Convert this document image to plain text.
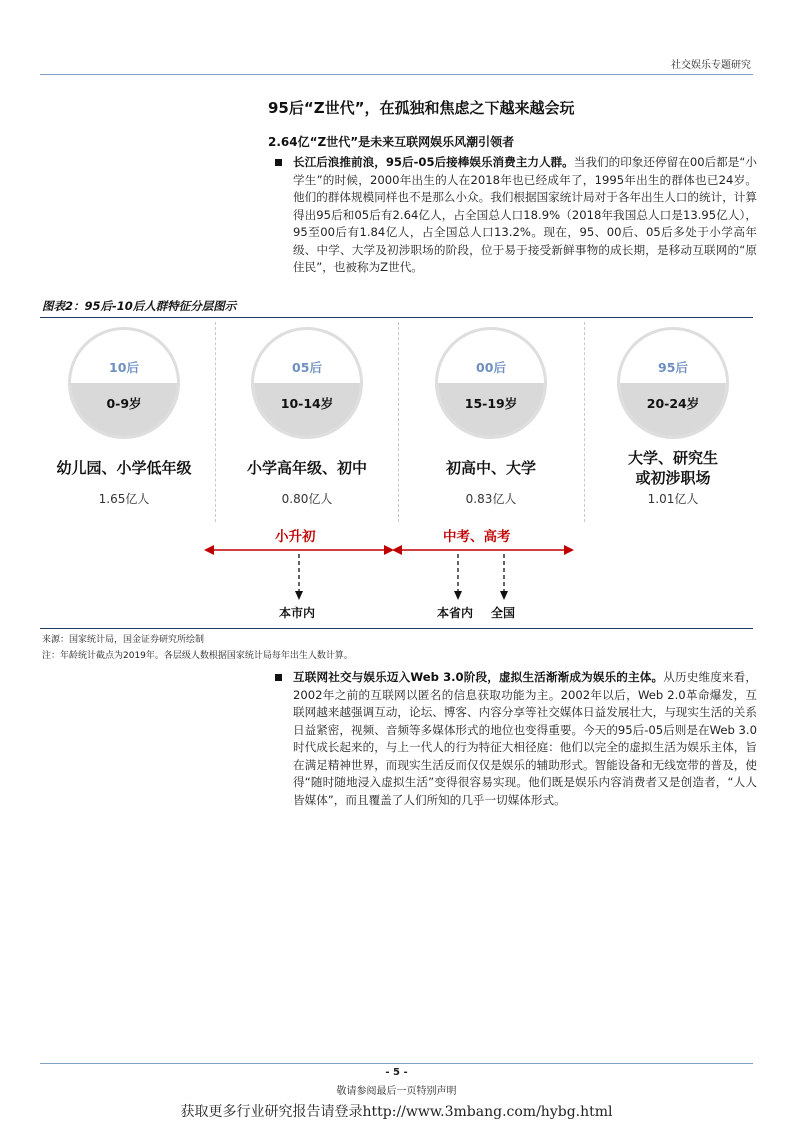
社交娱乐专题研究
95后“Z世代”，在孤独和焦虑之下越来越会玩
2.64亿“Z世代”是未来互联网娱乐风潮引领者
长江后浪推前浪，95后-05后接棒娱乐消费主力人群。当我们的印象还停留在00后都是“小学生”的时候，2000年出生的人在2018年也已经成年了，1995年出生的群体也已24岁。他们的群体规模同样也不是那么小众。我们根据国家统计局对于各年出生人口的统计，计算得出95后和05后有2.64亿人，占全国总人口18.9%（2018年我国总人口是13.95亿人），95至00后有1.84亿人，占全国总人口13.2%。现在，95、00后、05后多处于小学高年级、中学、大学及初涉职场的阶段，位于易于接受新鲜事物的成长期，是移动互联网的“原住民”，也被称为Z世代。
图表2：95后-10后人群特征分层图示
10后
0-9岁
幼儿园、小学低年级
1.65亿人
05后
10-14岁
小学高年级、初中
0.80亿人
00后
15-19岁
初高中、大学
0.83亿人
95后
20-24岁
大学、研究生
或初涉职场
1.01亿人
小升初	中考、高考
本市内	本省内 全国
来源：国家统计局，国金证券研究所绘制
注：年龄统计截点为2019年。各层级人数根据国家统计局每年出生人数计算。
互联网社交与娱乐迈入Web 3.0阶段，虚拟生活渐渐成为娱乐的主体。从历史维度来看，2002年之前的互联网以匿名的信息获取功能为主。2002年以后，Web 2.0革命爆发，互联网越来越强调互动，论坛、博客、内容分享等社交媒体日益发展壮大，与现实生活的关系日益紧密，视频、音频等多媒体形式的地位也变得重要。今天的95后-05后则是在Web 3.0时代成长起来的，与上一代人的行为特征大相径庭：他们以完全的虚拟生活为娱乐主体，旨在满足精神世界，而现实生活反而仅仅是娱乐的辅助形式。智能设备和无线宽带的普及，使得“随时随地浸入虚拟生活”变得很容易实现。他们既是娱乐内容消费者又是创造者，“人人皆媒体”，而且覆盖了人们所知的几乎一切媒体形式。
- 5 -
敬请参阅最后一页特别声明
获取更多行业研究报告请登录http://www.3mbang.com/hybg.html
